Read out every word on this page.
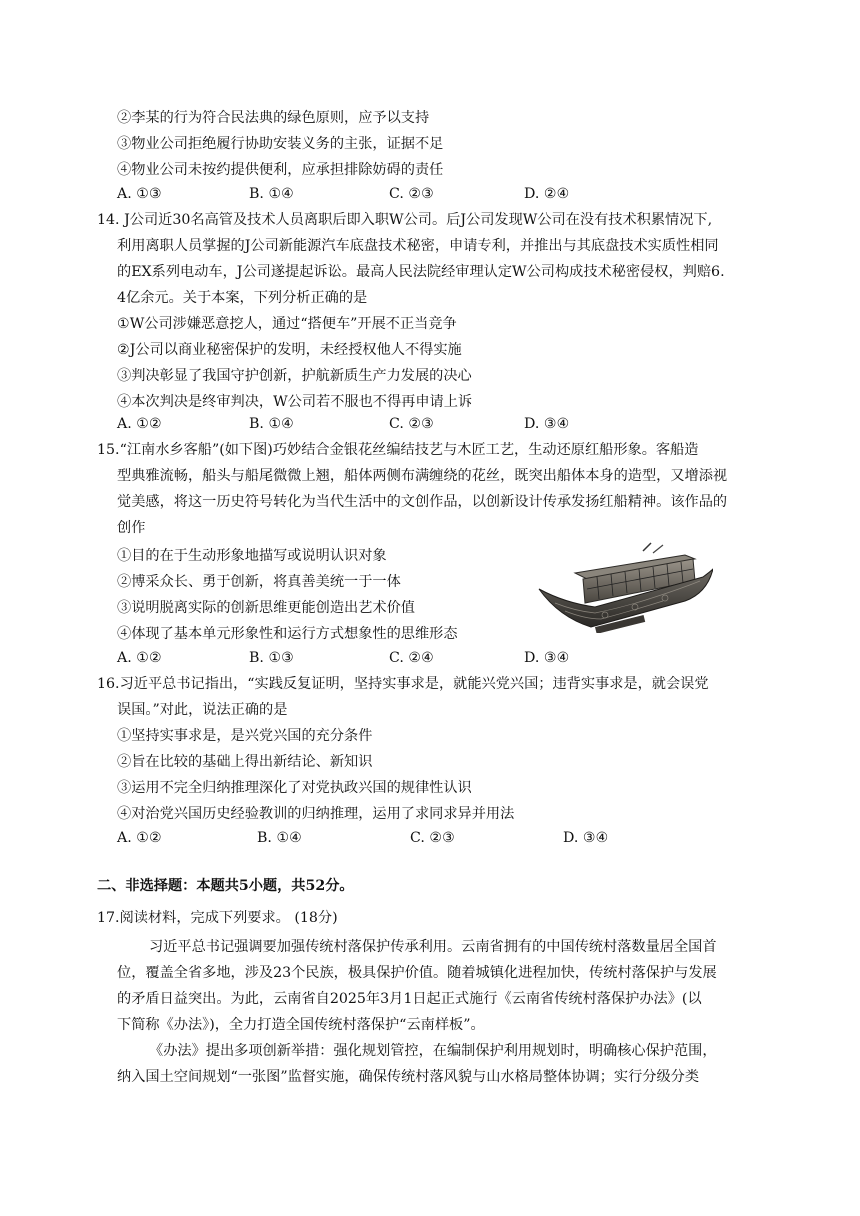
②李某的行为符合民法典的绿色原则，应予以支持
③物业公司拒绝履行协助安装义务的主张，证据不足
④物业公司未按约提供便利，应承担排除妨碍的责任
A. ①③	B. ①④	C. ②③	D. ②④
14. J公司近30名高管及技术人员离职后即入职W公司。后J公司发现W公司在没有技术积累情况下,
利用离职人员掌握的J公司新能源汽车底盘技术秘密，申请专利，并推出与其底盘技术实质性相同
的EX系列电动车，J公司遂提起诉讼。最高人民法院经审理认定W公司构成技术秘密侵权，判赔6.
4亿余元。关于本案，下列分析正确的是
①W公司涉嫌恶意挖人，通过“搭便车”开展不正当竞争
②J公司以商业秘密保护的发明，未经授权他人不得实施
③判决彰显了我国守护创新，护航新质生产力发展的决心
④本次判决是终审判决，W公司若不服也不得再申请上诉
A. ①②	B. ①④	C. ②③	D. ③④
15.“江南水乡客船”(如下图)巧妙结合金银花丝编结技艺与木匠工艺，生动还原红船形象。客船造
型典雅流畅，船头与船尾微微上翘，船体两侧布满缠绕的花丝，既突出船体本身的造型，又增添视
觉美感，将这一历史符号转化为当代生活中的文创作品，以创新设计传承发扬红船精神。该作品的
创作
①目的在于生动形象地描写或说明认识对象
②博采众长、勇于创新，将真善美统一于一体
③说明脱离实际的创新思维更能创造出艺术价值
④体现了基本单元形象性和运行方式想象性的思维形态
A. ①②	B. ①③	C. ②④	D. ③④
16.习近平总书记指出，“实践反复证明，坚持实事求是，就能兴党兴国；违背实事求是，就会误党
误国。”对此，说法正确的是
①坚持实事求是，是兴党兴国的充分条件
②旨在比较的基础上得出新结论、新知识
③运用不完全归纳推理深化了对党执政兴国的规律性认识
④对治党兴国历史经验教训的归纳推理，运用了求同求异并用法
A. ①②	B. ①④	C. ②③	D. ③④
二、非选择题：本题共5小题，共52分。
17.阅读材料，完成下列要求。 (18分)
习近平总书记强调要加强传统村落保护传承利用。云南省拥有的中国传统村落数量居全国首
位，覆盖全省多地，涉及23个民族，极具保护价值。随着城镇化进程加快，传统村落保护与发展
的矛盾日益突出。为此，云南省自2025年3月1日起正式施行《云南省传统村落保护办法》(以
下简称《办法》)，全力打造全国传统村落保护“云南样板”。
《办法》提出多项创新举措：强化规划管控，在编制保护利用规划时，明确核心保护范围，
纳入国土空间规划“一张图”监督实施，确保传统村落风貌与山水格局整体协调；实行分级分类
